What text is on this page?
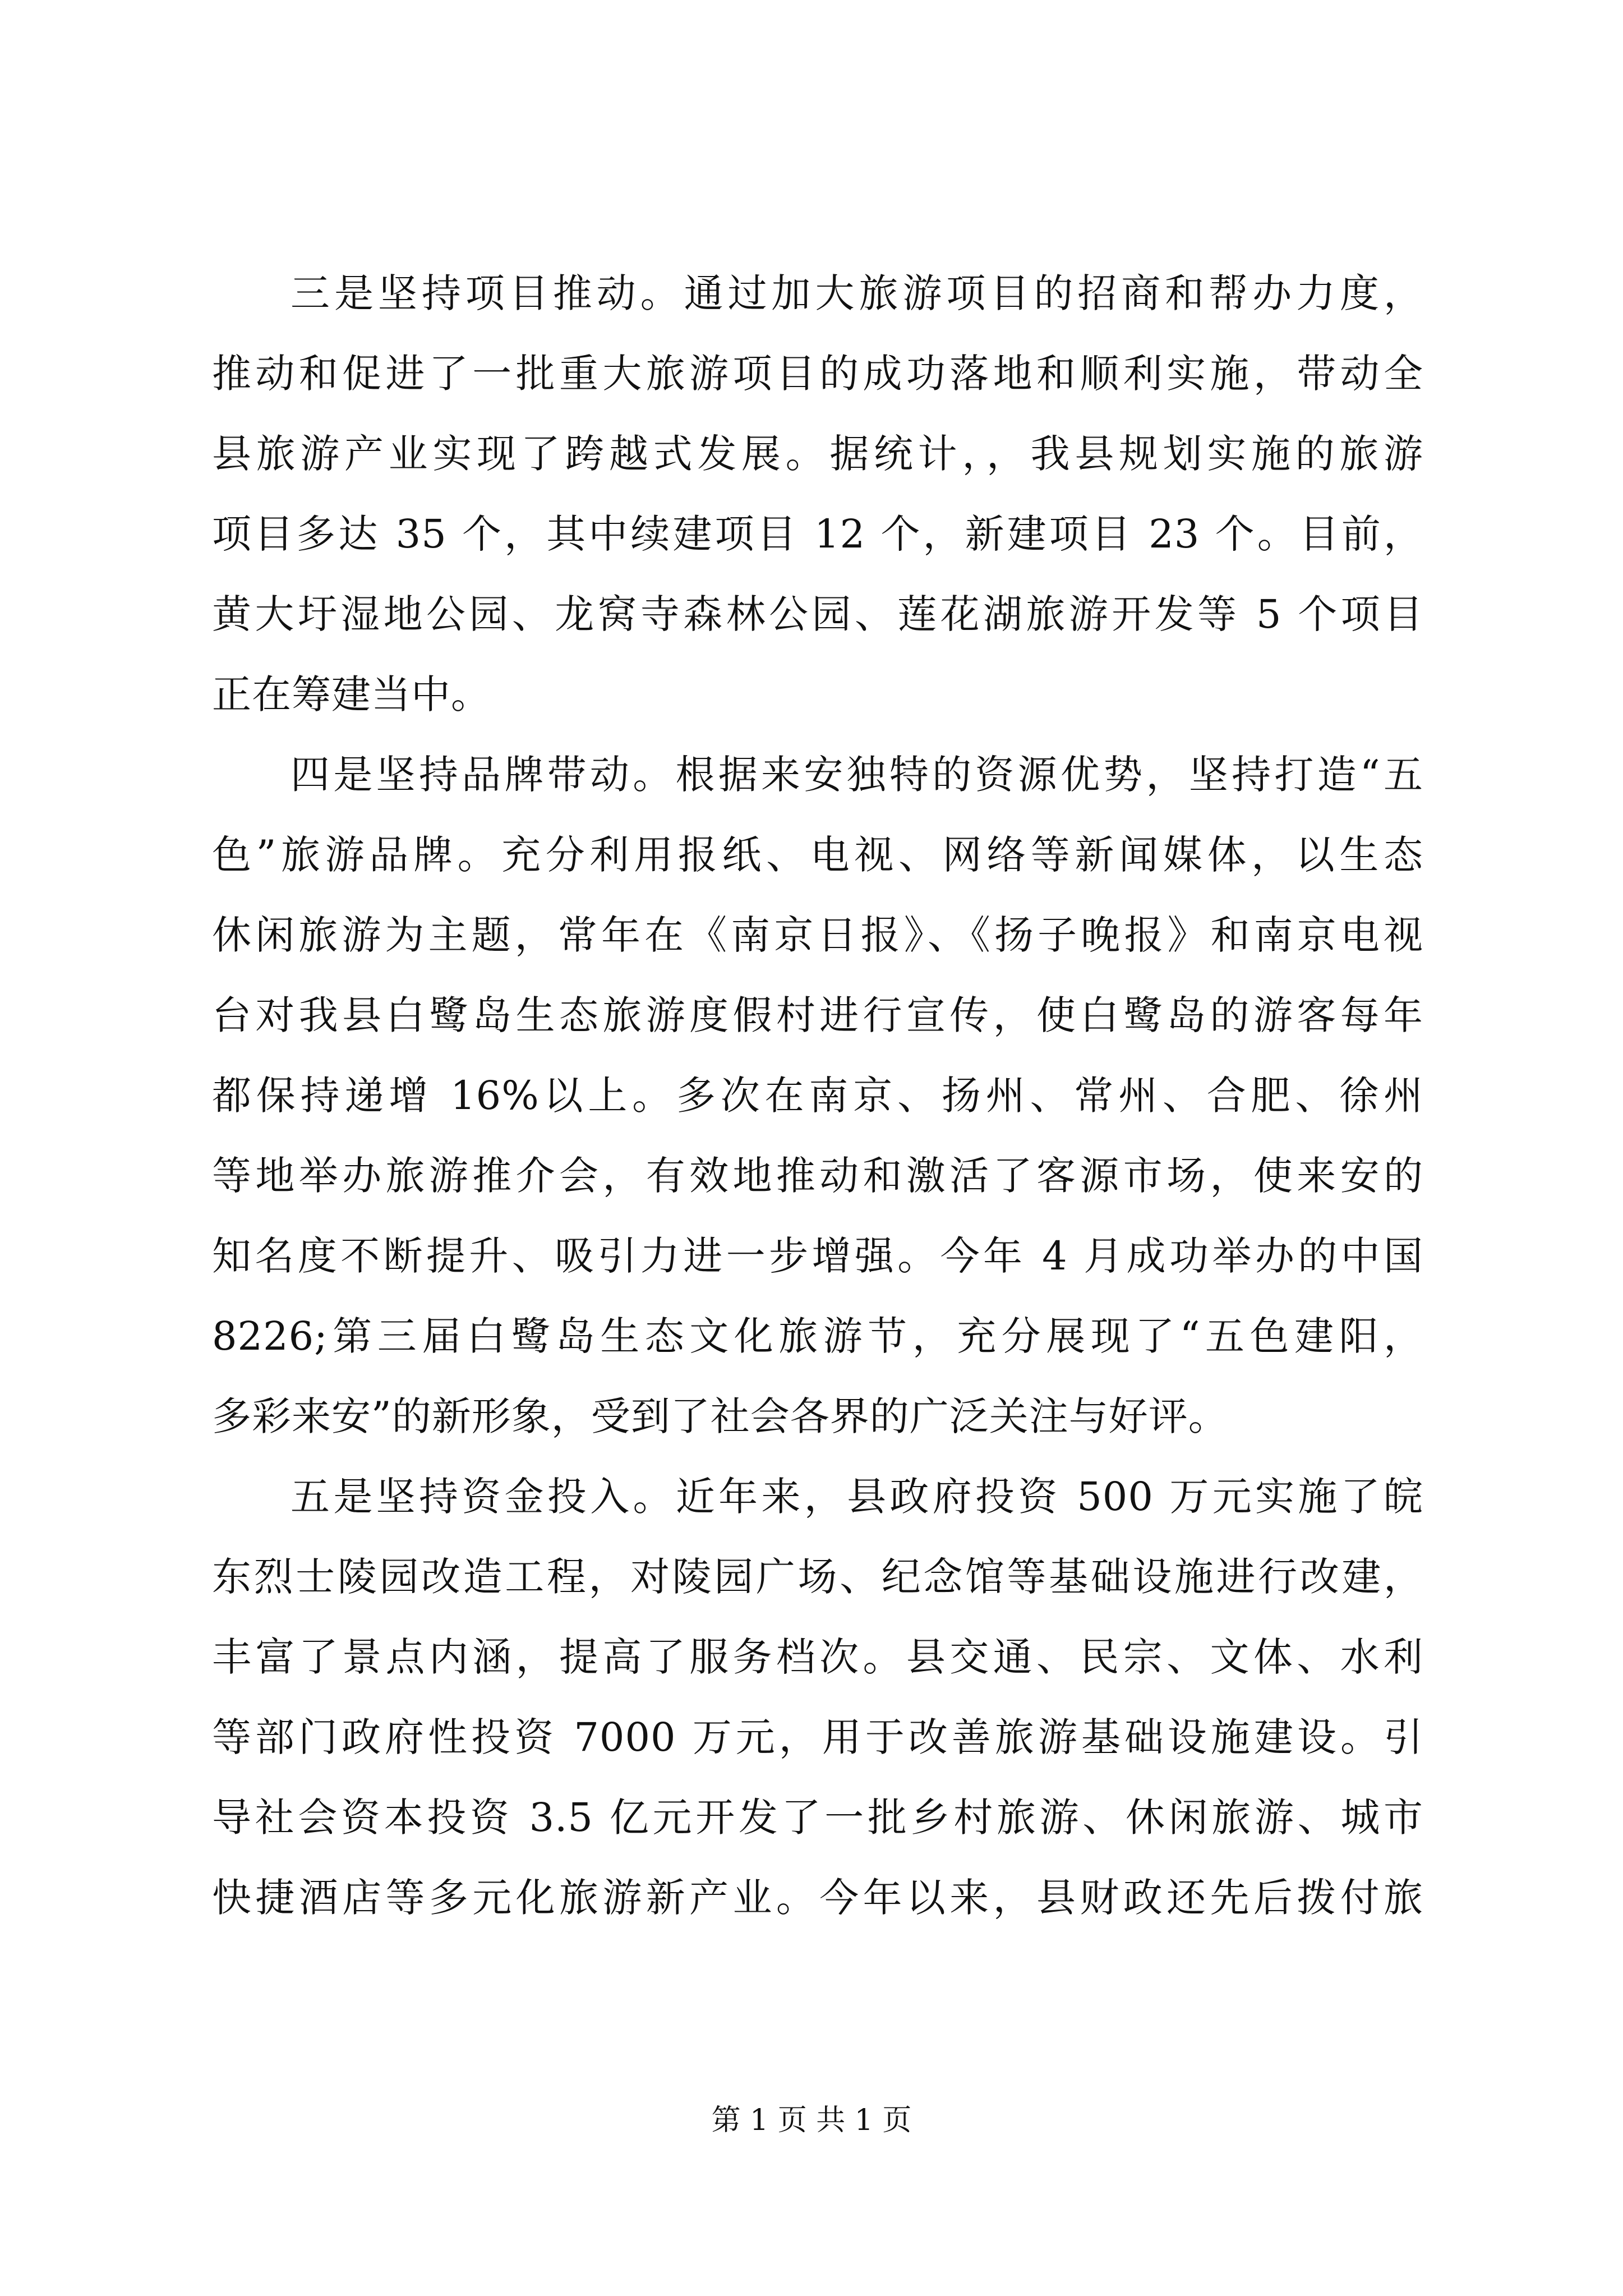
三是坚持项目推动。通过加大旅游项目的招商和帮办力度，
推动和促进了一批重大旅游项目的成功落地和顺利实施，带动全
县旅游产业实现了跨越式发展。据统计，，我县规划实施的旅游
项目多达 35 个，其中续建项目 12 个，新建项目 23 个。目前，
黄大圩湿地公园、龙窝寺森林公园、莲花湖旅游开发等 5 个项目
正在筹建当中。
四是坚持品牌带动。根据来安独特的资源优势，坚持打造“五
色”旅游品牌。充分利用报纸、电视、网络等新闻媒体，以生态
休闲旅游为主题，常年在《南京日报》、《扬子晚报》和南京电视
台对我县白鹭岛生态旅游度假村进行宣传，使白鹭岛的游客每年
都保持递增 16%以上。多次在南京、扬州、常州、合肥、徐州
等地举办旅游推介会，有效地推动和激活了客源市场，使来安的
知名度不断提升、吸引力进一步增强。今年 4 月成功举办的中国
8226;第三届白鹭岛生态文化旅游节，充分展现了“五色建阳，
多彩来安”的新形象，受到了社会各界的广泛关注与好评。
五是坚持资金投入。近年来，县政府投资 500 万元实施了皖
东烈士陵园改造工程，对陵园广场、纪念馆等基础设施进行改建，
丰富了景点内涵，提高了服务档次。县交通、民宗、文体、水利
等部门政府性投资 7000 万元，用于改善旅游基础设施建设。引
导社会资本投资 3.5 亿元开发了一批乡村旅游、休闲旅游、城市
快捷酒店等多元化旅游新产业。今年以来，县财政还先后拨付旅
第 1 页 共 1 页
